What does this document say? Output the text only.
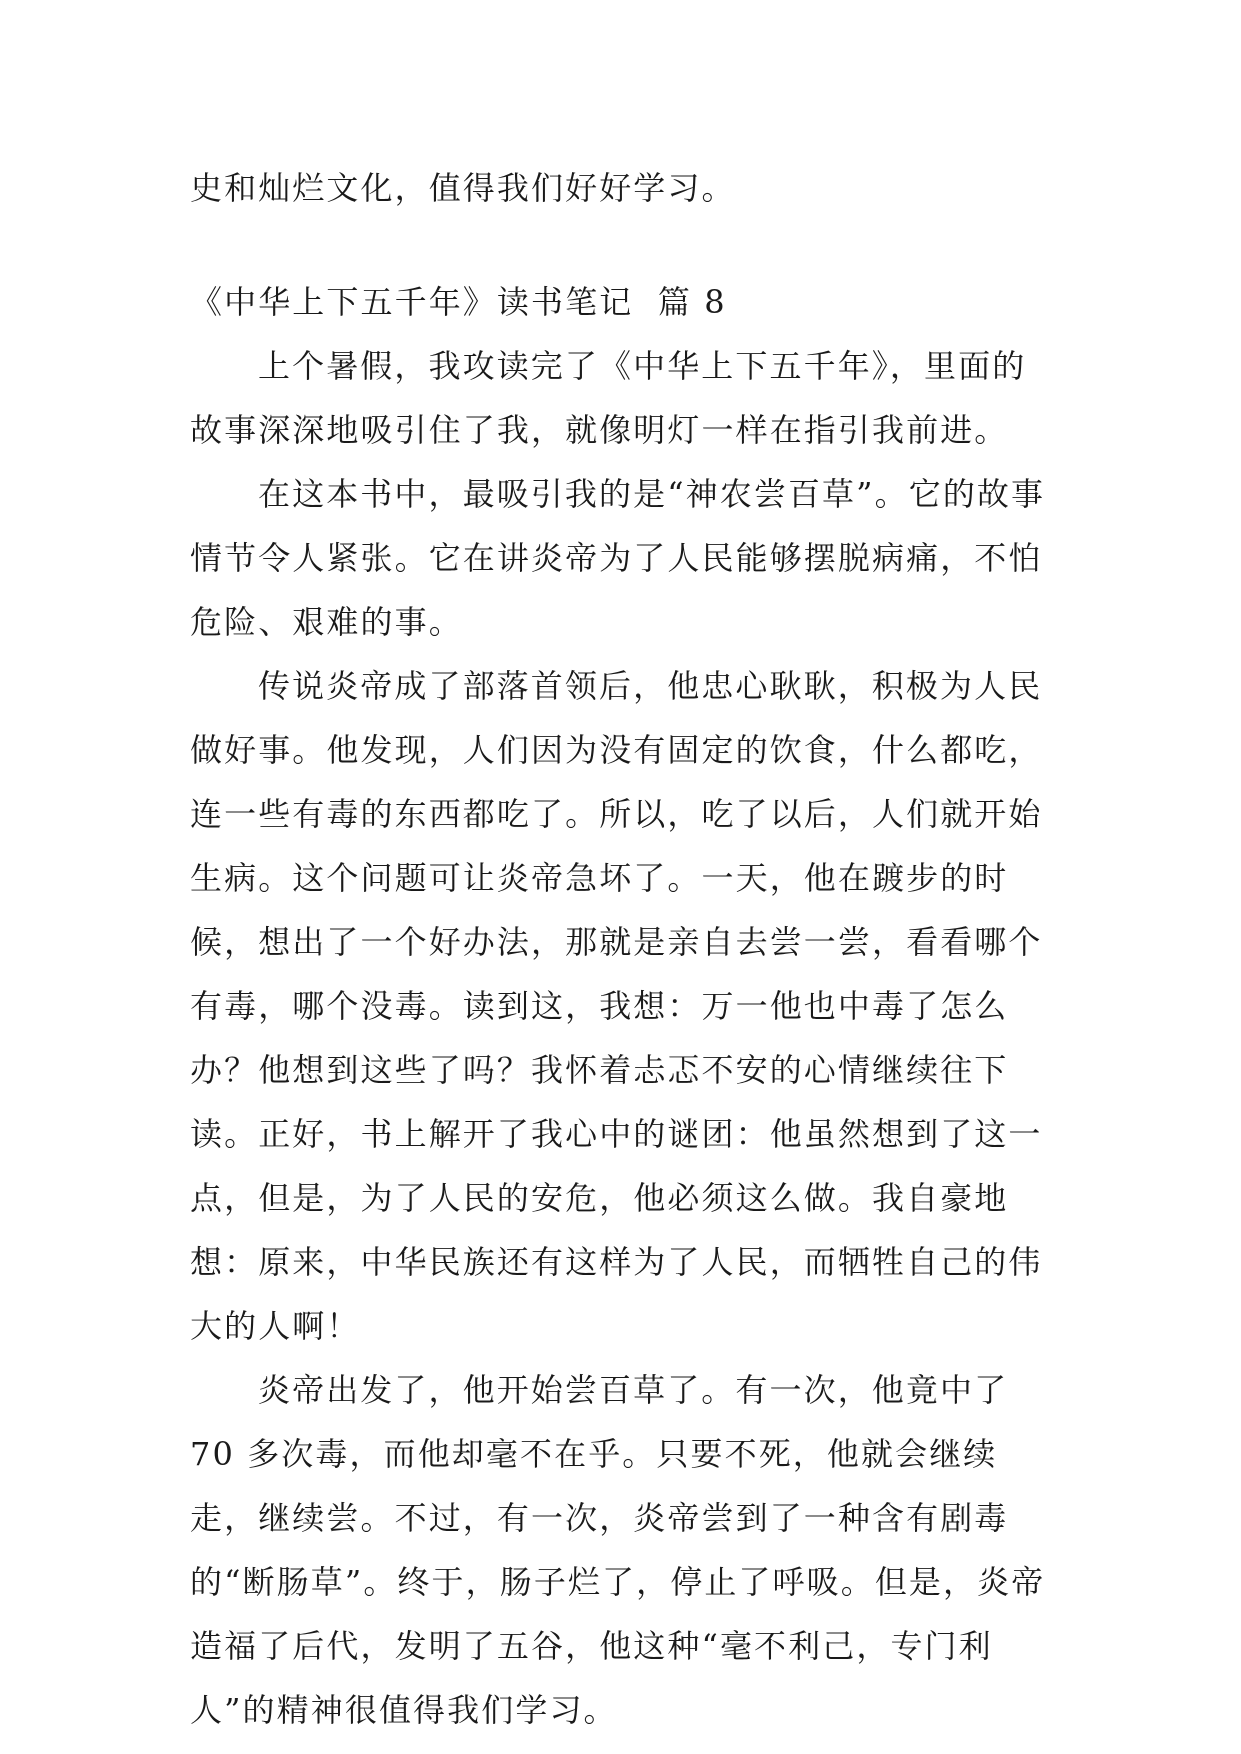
史和灿烂文化，值得我们好好学习。

《中华上下五千年》读书笔记  篇 8

上个暑假，我攻读完了《中华上下五千年》，里面的故事深深地吸引住了我，就像明灯一样在指引我前进。

在这本书中，最吸引我的是“神农尝百草”。它的故事情节令人紧张。它在讲炎帝为了人民能够摆脱病痛，不怕危险、艰难的事。

传说炎帝成了部落首领后，他忠心耿耿，积极为人民做好事。他发现，人们因为没有固定的饮食，什么都吃，连一些有毒的东西都吃了。所以，吃了以后，人们就开始生病。这个问题可让炎帝急坏了。一天，他在踱步的时候，想出了一个好办法，那就是亲自去尝一尝，看看哪个有毒，哪个没毒。读到这，我想：万一他也中毒了怎么办？他想到这些了吗？我怀着忐忑不安的心情继续往下读。正好，书上解开了我心中的谜团：他虽然想到了这一点，但是，为了人民的安危，他必须这么做。我自豪地想：原来，中华民族还有这样为了人民，而牺牲自己的伟大的人啊！

炎帝出发了，他开始尝百草了。有一次，他竟中了 70 多次毒，而他却毫不在乎。只要不死，他就会继续走，继续尝。不过，有一次，炎帝尝到了一种含有剧毒的“断肠草”。终于，肠子烂了，停止了呼吸。但是，炎帝造福了后代，发明了五谷，他这种“毫不利己，专门利人”的精神很值得我们学习。
